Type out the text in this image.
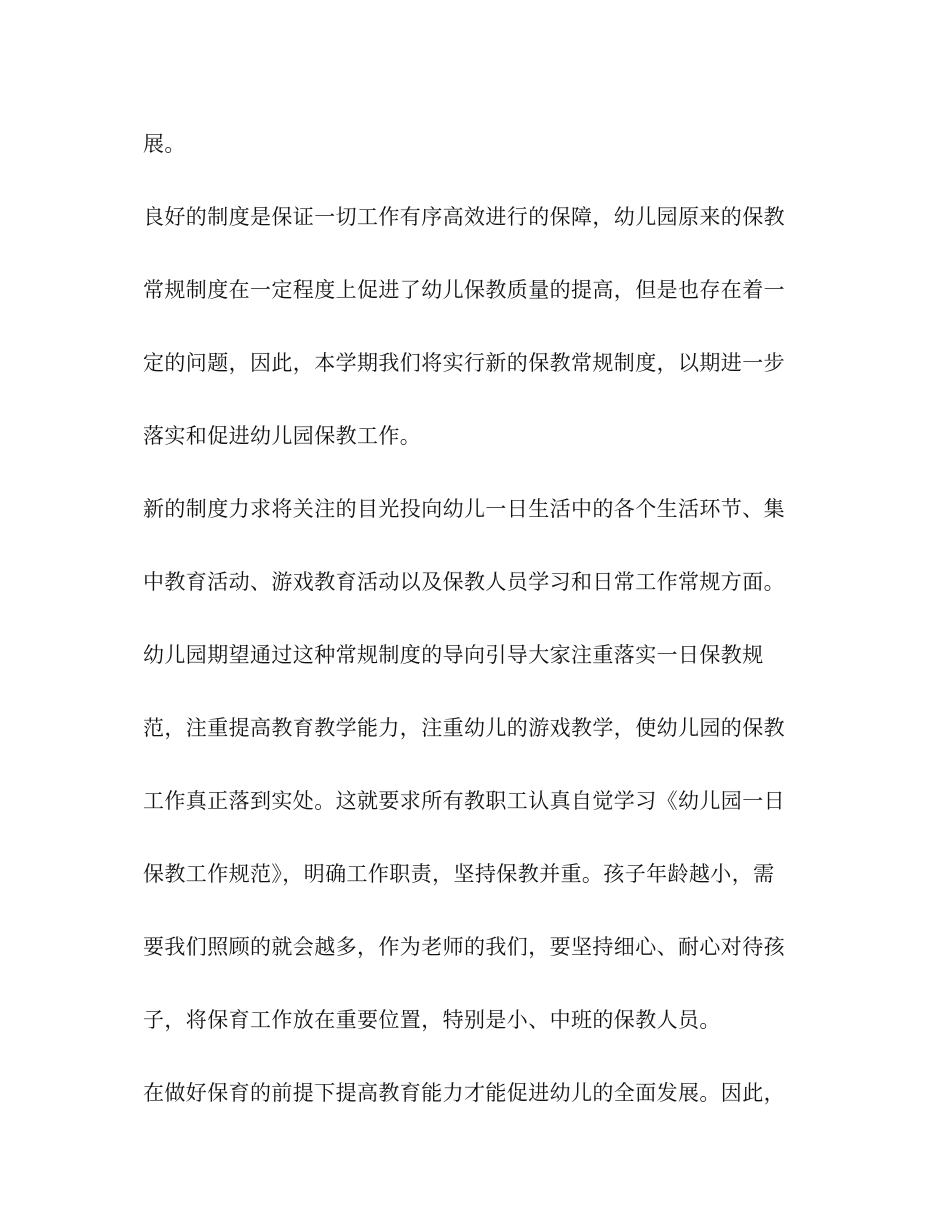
展。
良好的制度是保证一切工作有序高效进行的保障，幼儿园原来的保教
常规制度在一定程度上促进了幼儿保教质量的提高，但是也存在着一
定的问题，因此，本学期我们将实行新的保教常规制度，以期进一步
落实和促进幼儿园保教工作。
新的制度力求将关注的目光投向幼儿一日生活中的各个生活环节、集
中教育活动、游戏教育活动以及保教人员学习和日常工作常规方面。
幼儿园期望通过这种常规制度的导向引导大家注重落实一日保教规
范，注重提高教育教学能力，注重幼儿的游戏教学，使幼儿园的保教
工作真正落到实处。这就要求所有教职工认真自觉学习《幼儿园一日
保教工作规范》，明确工作职责，坚持保教并重。孩子年龄越小，需
要我们照顾的就会越多，作为老师的我们，要坚持细心、耐心对待孩
子，将保育工作放在重要位置，特别是小、中班的保教人员。
在做好保育的前提下提高教育能力才能促进幼儿的全面发展。因此，
